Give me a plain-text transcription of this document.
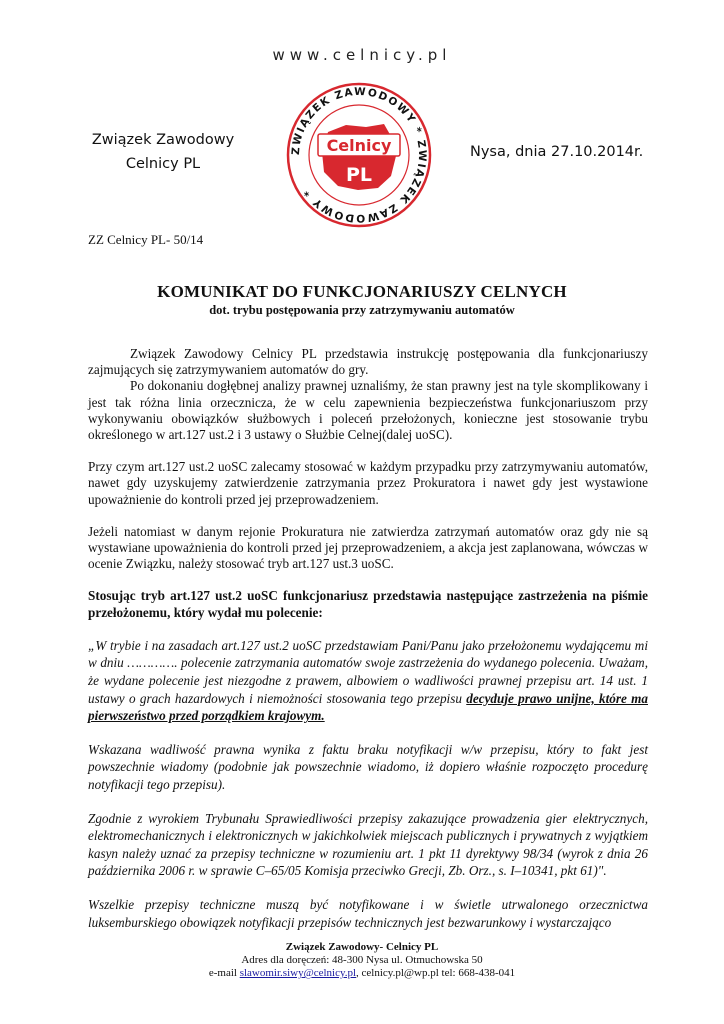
www.celnicy.pl
Związek Zawodowy
Celnicy PL
ZWIĄZEK ZAWODOWY * ZWIĄZEK ZAWODOWY *
Celnicy
PL
Nysa, dnia 27.10.2014r.
ZZ Celnicy PL- 50/14
KOMUNIKAT DO FUNKCJONARIUSZY CELNYCH
dot. trybu postępowania przy zatrzymywaniu automatów

Związek Zawodowy Celnicy PL przedstawia instrukcję postępowania dla funkcjonariuszy zajmujących się zatrzymywaniem automatów do gry.

Po dokonaniu dogłębnej analizy prawnej uznaliśmy, że stan prawny jest na tyle skomplikowany i jest tak różna linia orzecznicza, że w celu zapewnienia bezpieczeństwa funkcjonariuszom przy wykonywaniu obowiązków służbowych i poleceń przełożonych, konieczne jest stosowanie trybu określonego w art.127 ust.2 i 3 ustawy o Służbie Celnej(dalej uoSC).

Przy czym art.127 ust.2 uoSC zalecamy stosować w każdym przypadku przy zatrzymywaniu automatów, nawet gdy uzyskujemy zatwierdzenie zatrzymania przez Prokuratora i nawet gdy jest wystawione upoważnienie do kontroli przed jej przeprowadzeniem.

Jeżeli natomiast w danym rejonie Prokuratura nie zatwierdza zatrzymań automatów oraz gdy nie są wystawiane upoważnienia do kontroli przed jej przeprowadzeniem, a akcja jest zaplanowana, wówczas w ocenie Związku, należy stosować tryb art.127 ust.3 uoSC.

Stosując tryb art.127 ust.2 uoSC funkcjonariusz przedstawia następujące zastrzeżenia na piśmie przełożonemu, który wydał mu polecenie:

„W trybie i na zasadach art.127 ust.2 uoSC przedstawiam Pani/Panu jako przełożonemu wydającemu mi w dniu …………. polecenie zatrzymania automatów swoje zastrzeżenia do wydanego polecenia. Uważam, że wydane polecenie jest niezgodne z prawem, albowiem o wadliwości prawnej przepisu art. 14 ust. 1 ustawy o grach hazardowych i niemożności stosowania tego przepisu decyduje prawo unijne, które ma pierwszeństwo przed porządkiem krajowym.

Wskazana wadliwość prawna wynika z faktu braku notyfikacji w/w przepisu, który to fakt jest powszechnie wiadomy (podobnie jak powszechnie wiadomo, iż dopiero właśnie rozpoczęto procedurę notyfikacji tego przepisu).

Zgodnie z wyrokiem Trybunału Sprawiedliwości przepisy zakazujące prowadzenia gier elektrycznych, elektromechanicznych i elektronicznych w jakichkolwiek miejscach publicznych i prywatnych z wyjątkiem kasyn należy uznać za przepisy techniczne w rozumieniu art. 1 pkt 11 dyrektywy 98/34 (wyrok z dnia 26 października 2006 r. w sprawie C–65/05 Komisja przeciwko Grecji, Zb. Orz., s. I–10341, pkt 61)".

Wszelkie przepisy techniczne muszą być notyfikowane i w świetle utrwalonego orzecznictwa luksemburskiego obowiązek notyfikacji przepisów technicznych jest bezwarunkowy i wystarczająco

Związek Zawodowy- Celnicy PL
Adres dla doręczeń: 48-300 Nysa ul. Otmuchowska 50
e-mail slawomir.siwy@celnicy.pl, celnicy.pl@wp.pl tel: 668-438-041
